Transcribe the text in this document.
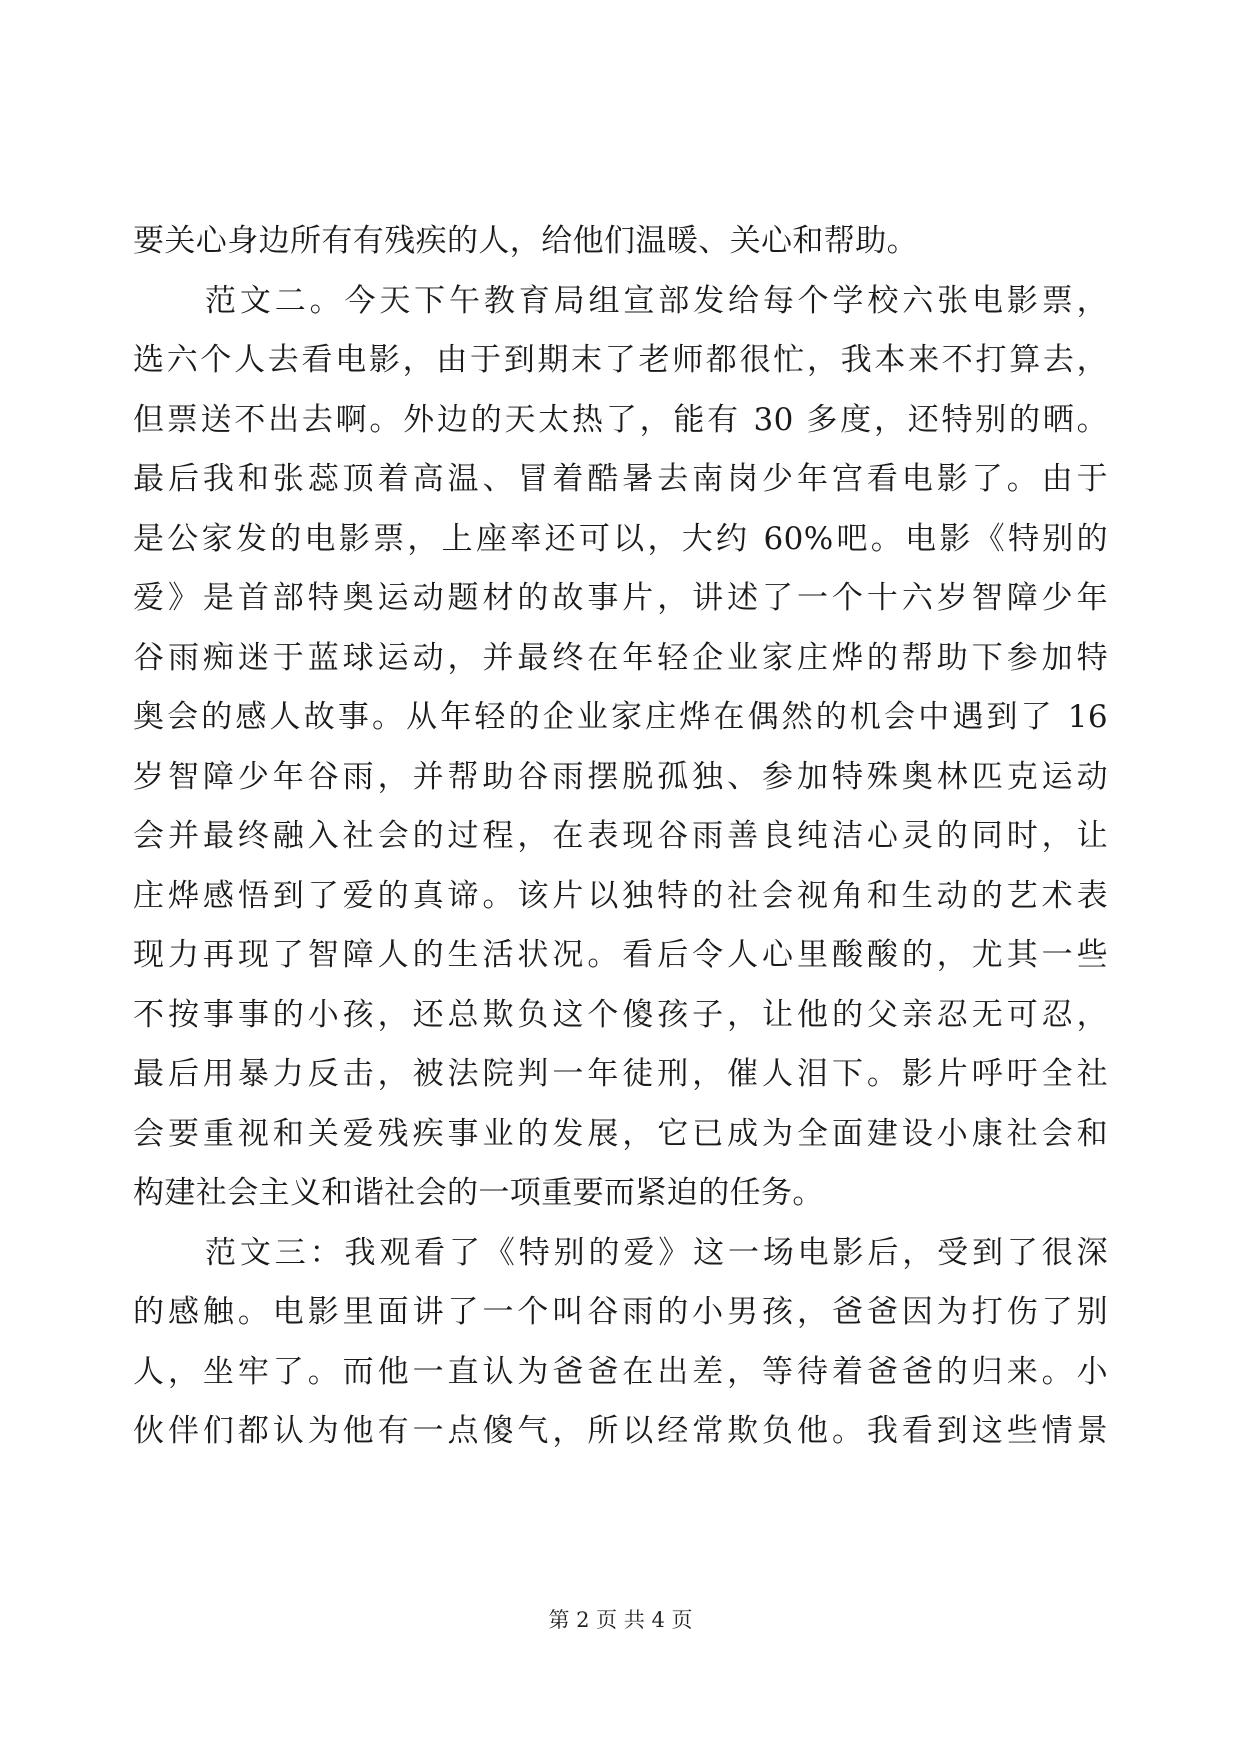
要关心身边所有有残疾的人，给他们温暖、关心和帮助。
范文二。今天下午教育局组宣部发给每个学校六张电影票，
选六个人去看电影，由于到期末了老师都很忙，我本来不打算去，
但票送不出去啊。外边的天太热了，能有 30 多度，还特别的晒。
最后我和张蕊顶着高温、冒着酷暑去南岗少年宫看电影了。由于
是公家发的电影票，上座率还可以，大约 60%吧。电影《特别的
爱》是首部特奥运动题材的故事片，讲述了一个十六岁智障少年
谷雨痴迷于蓝球运动，并最终在年轻企业家庄烨的帮助下参加特
奥会的感人故事。从年轻的企业家庄烨在偶然的机会中遇到了 16
岁智障少年谷雨，并帮助谷雨摆脱孤独、参加特殊奥林匹克运动
会并最终融入社会的过程，在表现谷雨善良纯洁心灵的同时，让
庄烨感悟到了爱的真谛。该片以独特的社会视角和生动的艺术表
现力再现了智障人的生活状况。看后令人心里酸酸的，尤其一些
不按事事的小孩，还总欺负这个傻孩子，让他的父亲忍无可忍，
最后用暴力反击，被法院判一年徒刑，催人泪下。影片呼吁全社
会要重视和关爱残疾事业的发展，它已成为全面建设小康社会和
构建社会主义和谐社会的一项重要而紧迫的任务。
范文三：我观看了《特别的爱》这一场电影后，受到了很深
的感触。电影里面讲了一个叫谷雨的小男孩，爸爸因为打伤了别
人，坐牢了。而他一直认为爸爸在出差，等待着爸爸的归来。小
伙伴们都认为他有一点傻气，所以经常欺负他。我看到这些情景
第 2 页 共 4 页
